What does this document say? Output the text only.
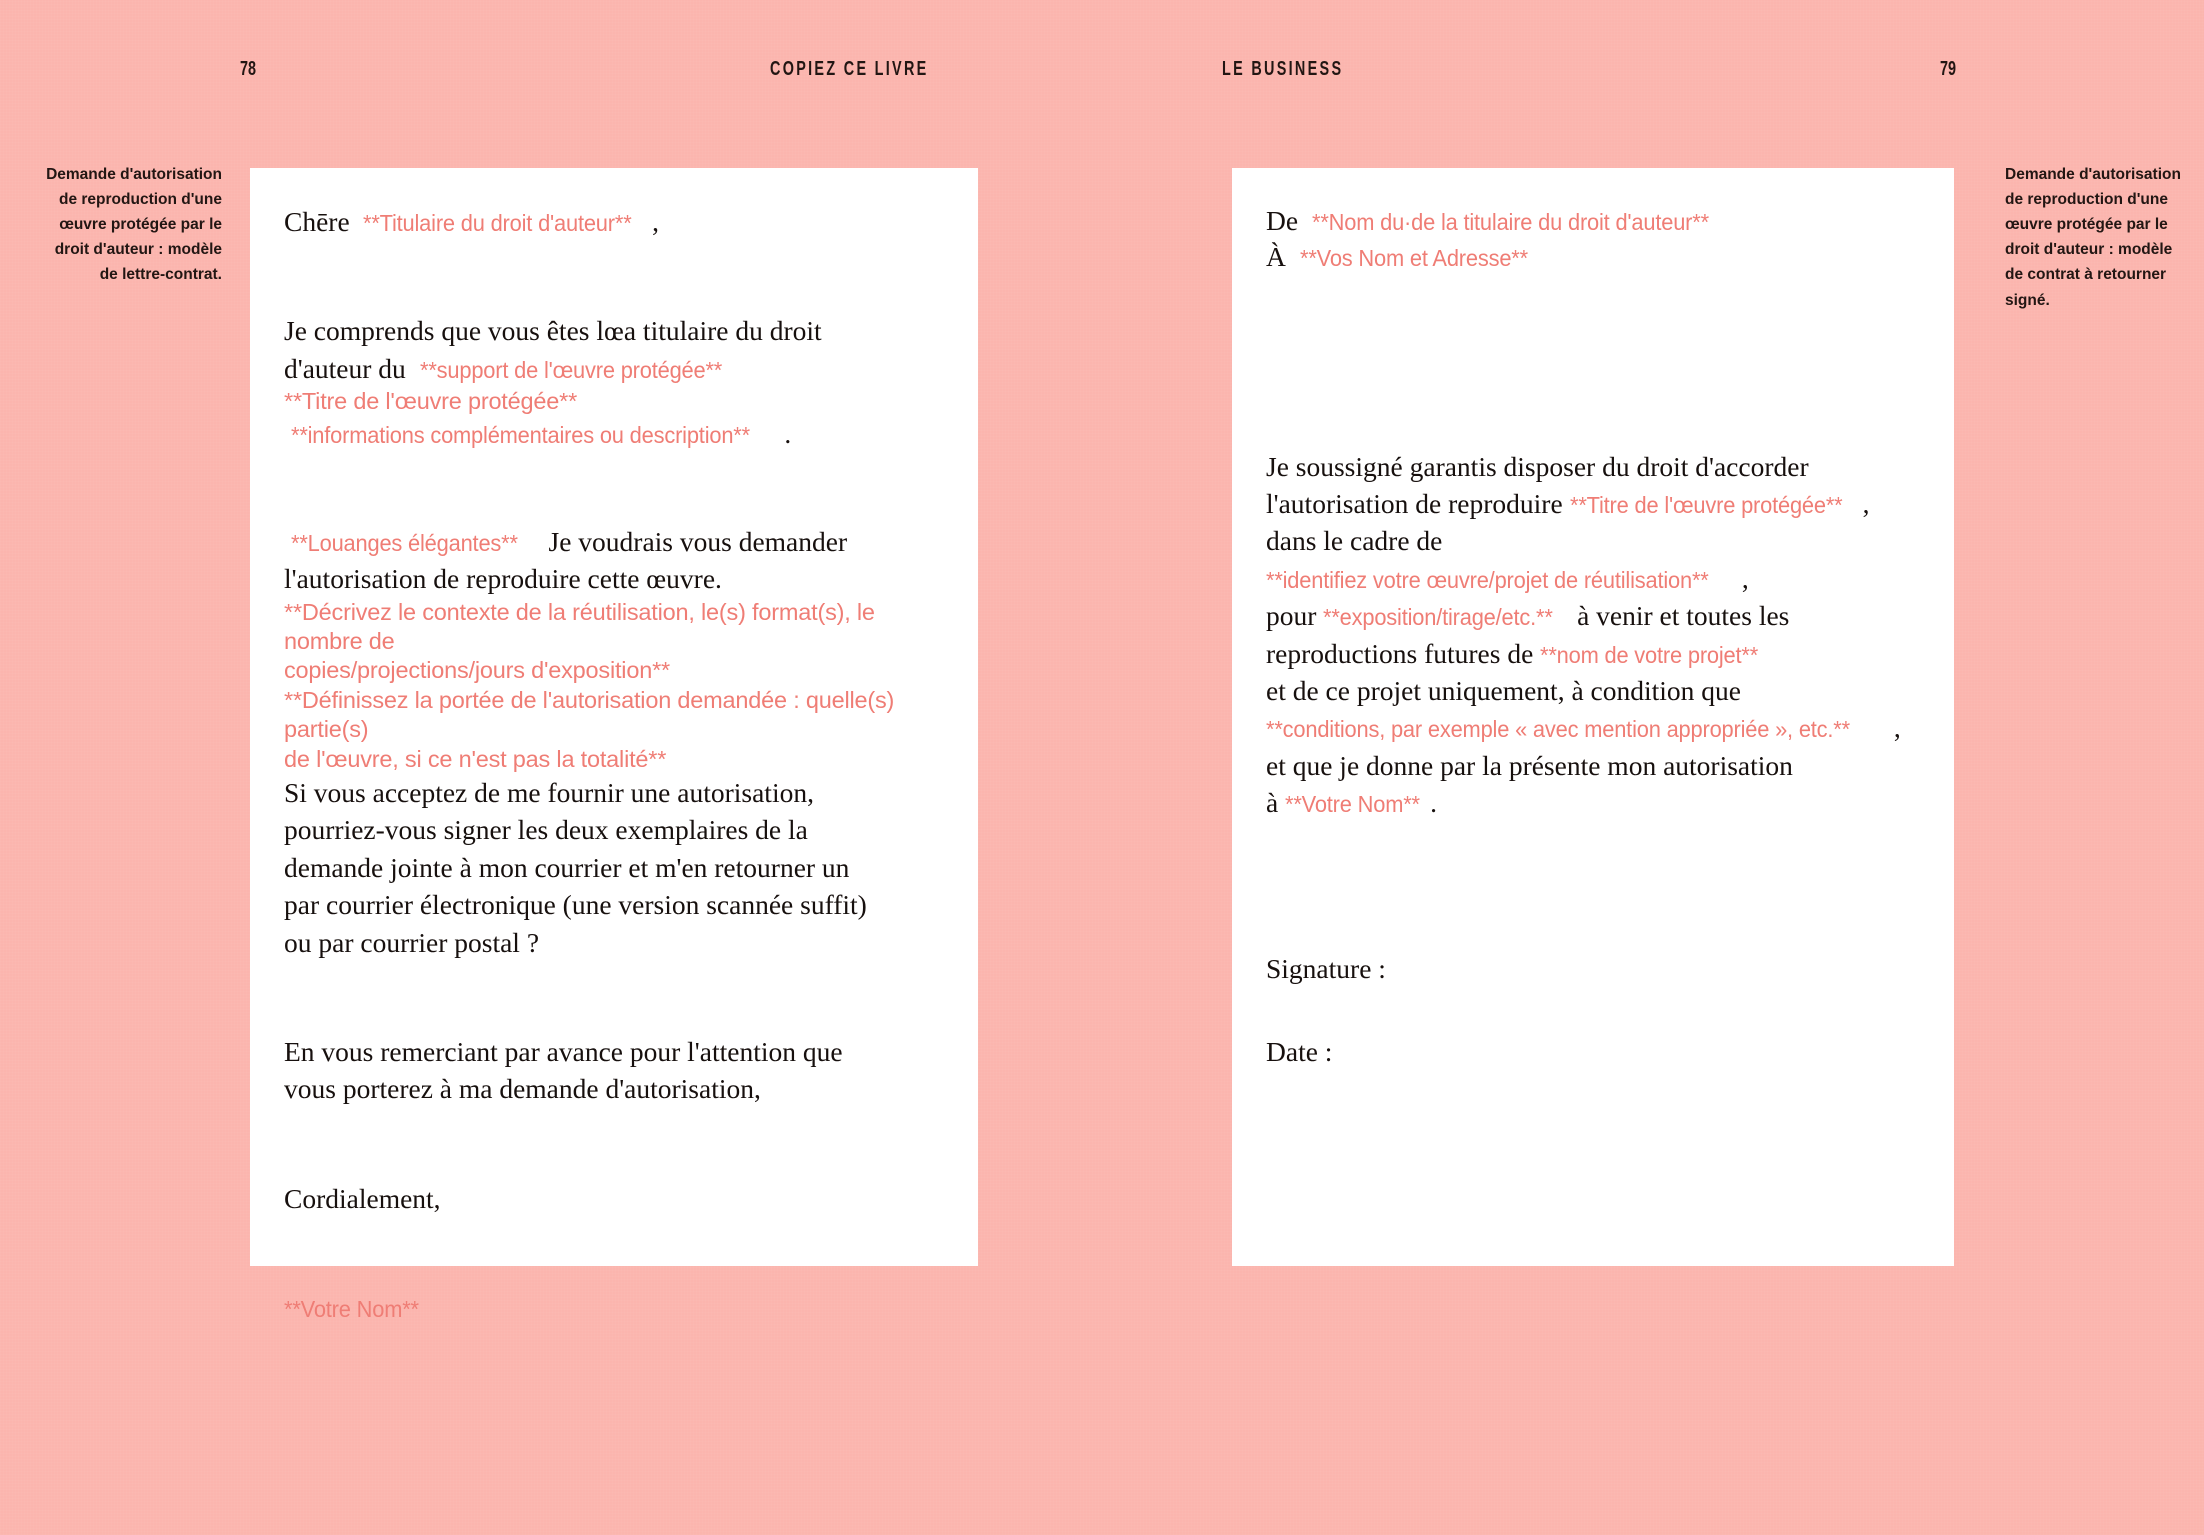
78	COPIEZ CE LIVRE	LE BUSINESS	79
Demande d'autorisation de reproduction d'une œuvre protégée par le droit d'auteur : modèle de lettre-contrat.
Demande d'autorisation de reproduction d'une œuvre protégée par le droit d'auteur : modèle de contrat à retourner signé.

Chēre **Titulaire du droit d'auteur** ,

Je comprends que vous êtes lœa titulaire du droit

d'auteur du **support de l'œuvre protégée**

**Titre de l'œuvre protégée**

**informations complémentaires ou description** .

**Louanges élégantes** Je voudrais vous demander

l'autorisation de reproduire cette œuvre.

**Décrivez le contexte de la réutilisation, le(s) format(s), le nombre de
copies/projections/jours d'exposition**
**Définissez la portée de l'autorisation demandée : quelle(s) partie(s)
de l'œuvre, si ce n'est pas la totalité**

Si vous acceptez de me fournir une autorisation,

pourriez-vous signer les deux exemplaires de la

demande jointe à mon courrier et m'en retourner un

par courrier électronique (une version scannée suffit)

ou par courrier postal ?

En vous remerciant par avance pour l'attention que

vous porterez à ma demande d'autorisation,

Cordialement,

**Votre Nom**

De **Nom du·de la titulaire du droit d'auteur**

À **Vos Nom et Adresse**

Je soussigné garantis disposer du droit d'accorder

l'autorisation de reproduire **Titre de l'œuvre protégée** ,

dans le cadre de **identifiez votre œuvre/projet de réutilisation** ,

pour **exposition/tirage/etc.** à venir et toutes les

reproductions futures de **nom de votre projet**

et de ce projet uniquement, à condition que

**conditions, par exemple « avec mention appropriée », etc.** ,

et que je donne par la présente mon autorisation

à **Votre Nom** .

Signature :

Date :
